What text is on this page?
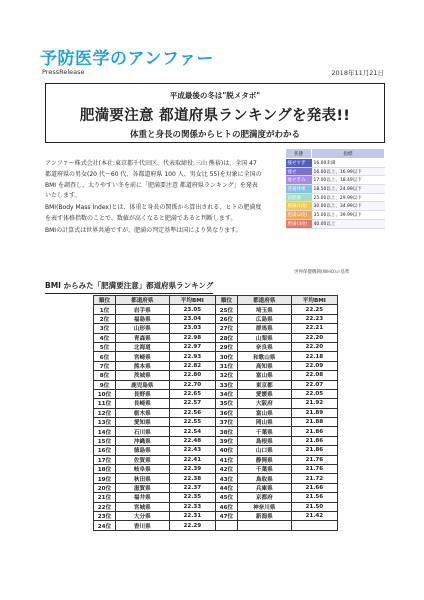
予防医学のアンファー
PressRelease	2018年11月21日
平成最後の冬は"脱メタボ"
肥満要注意 都道府県ランキングを発表!!
体重と身長の関係からヒトの肥満度がわかる

アンファー株式会社(本社:東京都千代田区、代表取締役:三山 熊裕)は、全国 47 都道府県の男女(20 代〜60 代、各都道府県 100 人、男女比 55)を対象に全国の BMI を調査し、太りやすい冬を前に「肥満要注意 都道府県ランキング」を発表いたします。

BMI(Body Mass Index)とは、体重と身長の関係から算出される、ヒトの肥満度を表す体格指数のことで、数値が高くなると肥満であると判断します。

BMIの計算式は世界共通ですが、肥満の判定基準は国により異なります。

状態	指標
痩せすぎ	16.00未満
痩せ	16.00以上、16.99以下
痩せぎみ	17.00以上、18.49以下
普通体重	18.50以上、24.99以下
前肥満	25.00以上、29.99以下
肥満(1度)	30.00以上、34.99以下
肥満(2度)	35.00以上、39.99以下
肥満(3度)	40.00以上
世界保健機関(WHO)の基準
BMI からみた「肥満要注意」都道府県ランキング
順位	都道府県	平均BMI	順位	都道府県	平均BMI
1位	岩手県	23.05	25位	埼玉県	22.25
2位	福島県	23.04	26位	広島県	22.23
3位	山形県	23.03	27位	群馬県	22.21
4位	青森県	22.98	28位	山梨県	22.20
5位	北海道	22.97	29位	奈良県	22.20
6位	宮崎県	22.93	30位	和歌山県	22.18
7位	熊本県	22.82	31位	高知県	22.09
8位	茨城県	22.80	32位	富山県	22.08
9位	鹿児島県	22.70	33位	東京都	22.07
10位	長野県	22.65	34位	愛媛県	22.05
11位	長崎県	22.57	35位	大阪府	21.92
12位	栃木県	22.56	36位	富山県	21.89
13位	愛知県	22.55	37位	岡山県	21.88
14位	石川県	22.54	38位	千葉県	21.86
15位	沖縄県	22.48	39位	島根県	21.86
16位	徳島県	22.43	40位	山口県	21.86
17位	佐賀県	22.41	41位	静岡県	21.76
18位	岐阜県	22.39	42位	千葉県	21.76
19位	秋田県	22.38	43位	鳥取県	21.72
20位	滋賀県	22.37	44位	兵庫県	21.66
21位	福井県	22.35	45位	京都府	21.56
22位	宮城県	22.33	46位	神奈川県	21.50
23位	大分県	22.31	47位	新潟県	21.42
24位	香川県	22.29			
